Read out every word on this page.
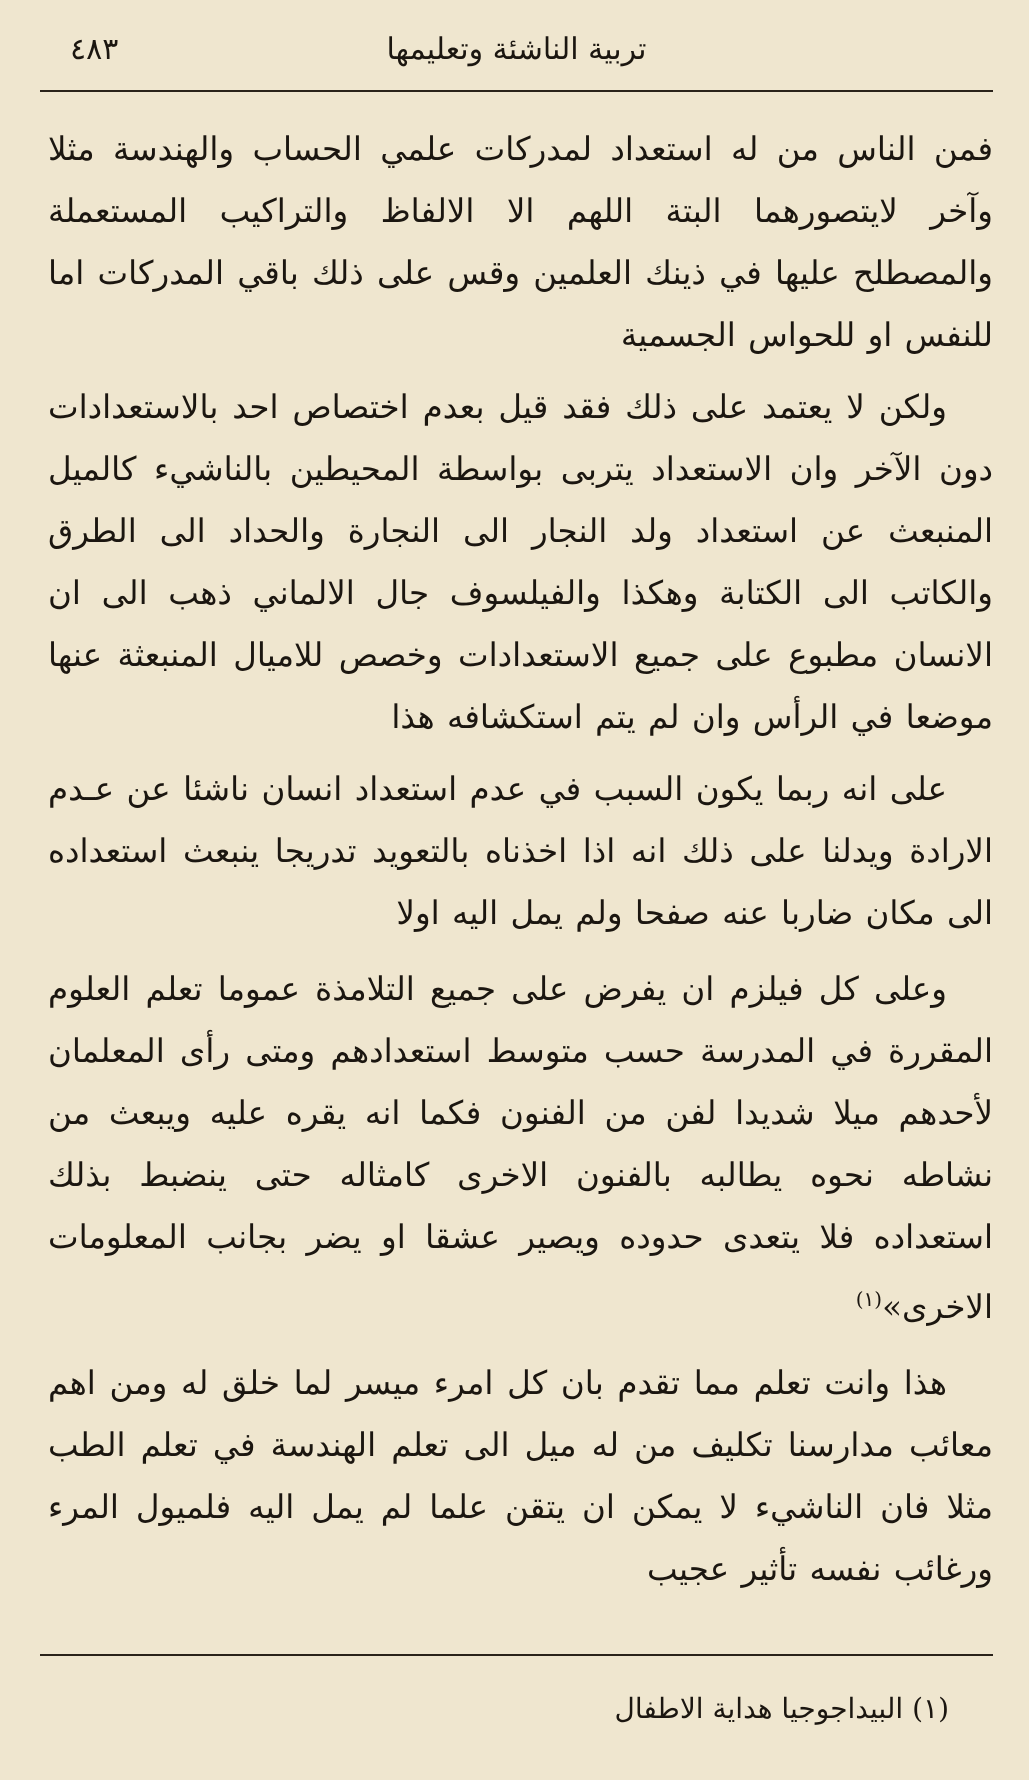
تربية الناشئة وتعليمها
٤٨٣

فمن الناس من له استعداد لمدركات علمي الحساب والهندسة مثلا وآخر لايتصورهما البتة اللهم الا الالفاظ والتراكيب المستعملة والمصطلح عليها في ذينك العلمين وقس على ذلك باقي المدركات اما للنفس او للحواس الجسمية

ولكن لا يعتمد على ذلك فقد قيل بعدم اختصاص احد بالاستعدادات دون الآخر وان الاستعداد يتربى بواسطة المحيطين بالناشيء كالميل المنبعث عن استعداد ولد النجار الى النجارة والحداد الى الطرق والكاتب الى الكتابة وهكذا والفيلسوف جال الالماني ذهب الى ان الانسان مطبوع على جميع الاستعدادات وخصص للاميال المنبعثة عنها موضعا في الرأس وان لم يتم استكشافه هذا

على انه ربما يكون السبب في عدم استعداد انسان ناشئا عن عـدم الارادة ويدلنا على ذلك انه اذا اخذناه بالتعويد تدريجا ينبعث استعداده الى مكان ضاربا عنه صفحا ولم يمل اليه اولا

وعلى كل فيلزم ان يفرض على جميع التلامذة عموما تعلم العلوم المقررة في المدرسة حسب متوسط استعدادهم ومتى رأى المعلمان لأحدهم ميلا شديدا لفن من الفنون فكما انه يقره عليه ويبعث من نشاطه نحوه يطالبه بالفنون الاخرى كامثاله حتى ينضبط بذلك استعداده فلا يتعدى حدوده ويصير عشقا او يضر بجانب المعلومات الاخرى»$^{(١)}$

هذا وانت تعلم مما تقدم بان كل امرء ميسر لما خلق له ومن اهم معائب مدارسنا تكليف من له ميل الى تعلم الهندسة في تعلم الطب مثلا فان الناشيء لا يمكن ان يتقن علما لم يمل اليه فلميول المرء ورغائب نفسه تأثير عجيب

(١) البيداجوجيا هداية الاطفال
